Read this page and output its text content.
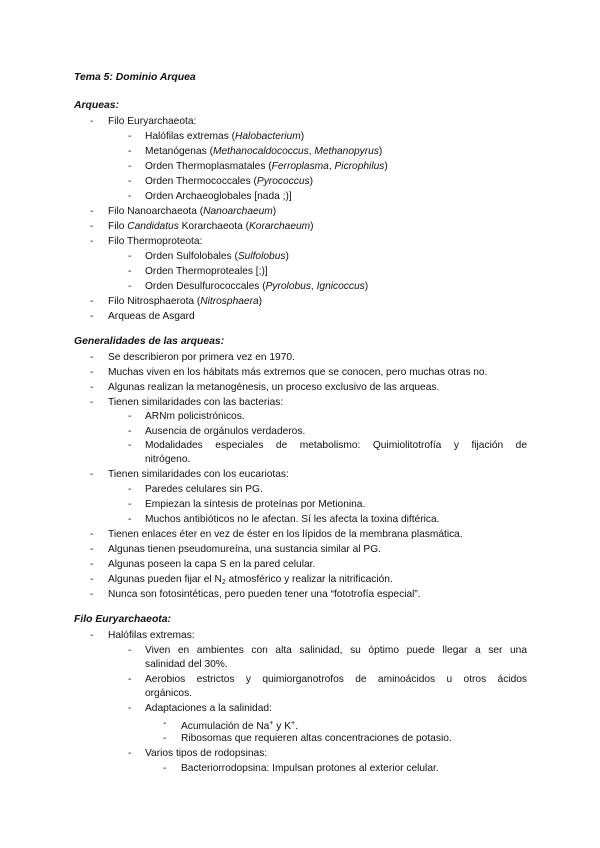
Tema 5: Dominio Arquea
Arqueas:
- Filo Euryarchaeota:
- Halófilas extremas (Halobacterium)
- Metanógenas (Methanocaldococcus, Methanopyrus)
- Orden Thermoplasmatales (Ferroplasma, Picrophilus)
- Orden Thermococcales (Pyrococcus)
- Orden Archaeoglobales [nada ;)]
- Filo Nanoarchaeota (Nanoarchaeum)
- Filo Candidatus Korarchaeota (Korarchaeum)
- Filo Thermoproteota:
- Orden Sulfolobales (Sulfolobus)
- Orden Thermoproteales [;)]
- Orden Desulfurococcales (Pyrolobus, Ignicoccus)
- Filo Nitrosphaerota (Nitrosphaera)
- Arqueas de Asgard
Generalidades de las arqueas:
- Se describieron por primera vez en 1970.
- Muchas viven en los hábitats más extremos que se conocen, pero muchas otras no.
- Algunas realizan la metanogénesis, un proceso exclusivo de las arqueas.
- Tienen similaridades con las bacterias:
- ARNm policistrónicos.
- Ausencia de orgánulos verdaderos.
- Modalidades especiales de metabolismo: Quimiolitotrofía y fijación de
nitrógeno.
- Tienen similaridades con los eucariotas:
- Paredes celulares sin PG.
- Empiezan la síntesis de proteínas por Metionina.
- Muchos antibióticos no le afectan. Sí les afecta la toxina diftérica.
- Tienen enlaces éter en vez de éster en los lípidos de la membrana plasmática.
- Algunas tienen pseudomureína, una sustancia similar al PG.
- Algunas poseen la capa S en la pared celular.
- Algunas pueden fijar el $N_2$ atmosférico y realizar la nitrificación.
- Nunca son fotosintéticas, pero pueden tener una “fototrofía especial”.
Filo Euryarchaeota:
- Halófilas extremas:
- Viven en ambientes con alta salinidad, su óptimo puede llegar a ser una
salinidad del 30%.
- Aerobios estrictos y quimiorganotrofos de aminoácidos u otros ácidos
orgánicos.
- Adaptaciones a la salinidad:
- Acumulación de Na+ y K+.
- Ribosomas que requieren altas concentraciones de potasio.
- Varios tipos de rodopsinas:
- Bacteriorrodopsina: Impulsan protones al exterior celular.
